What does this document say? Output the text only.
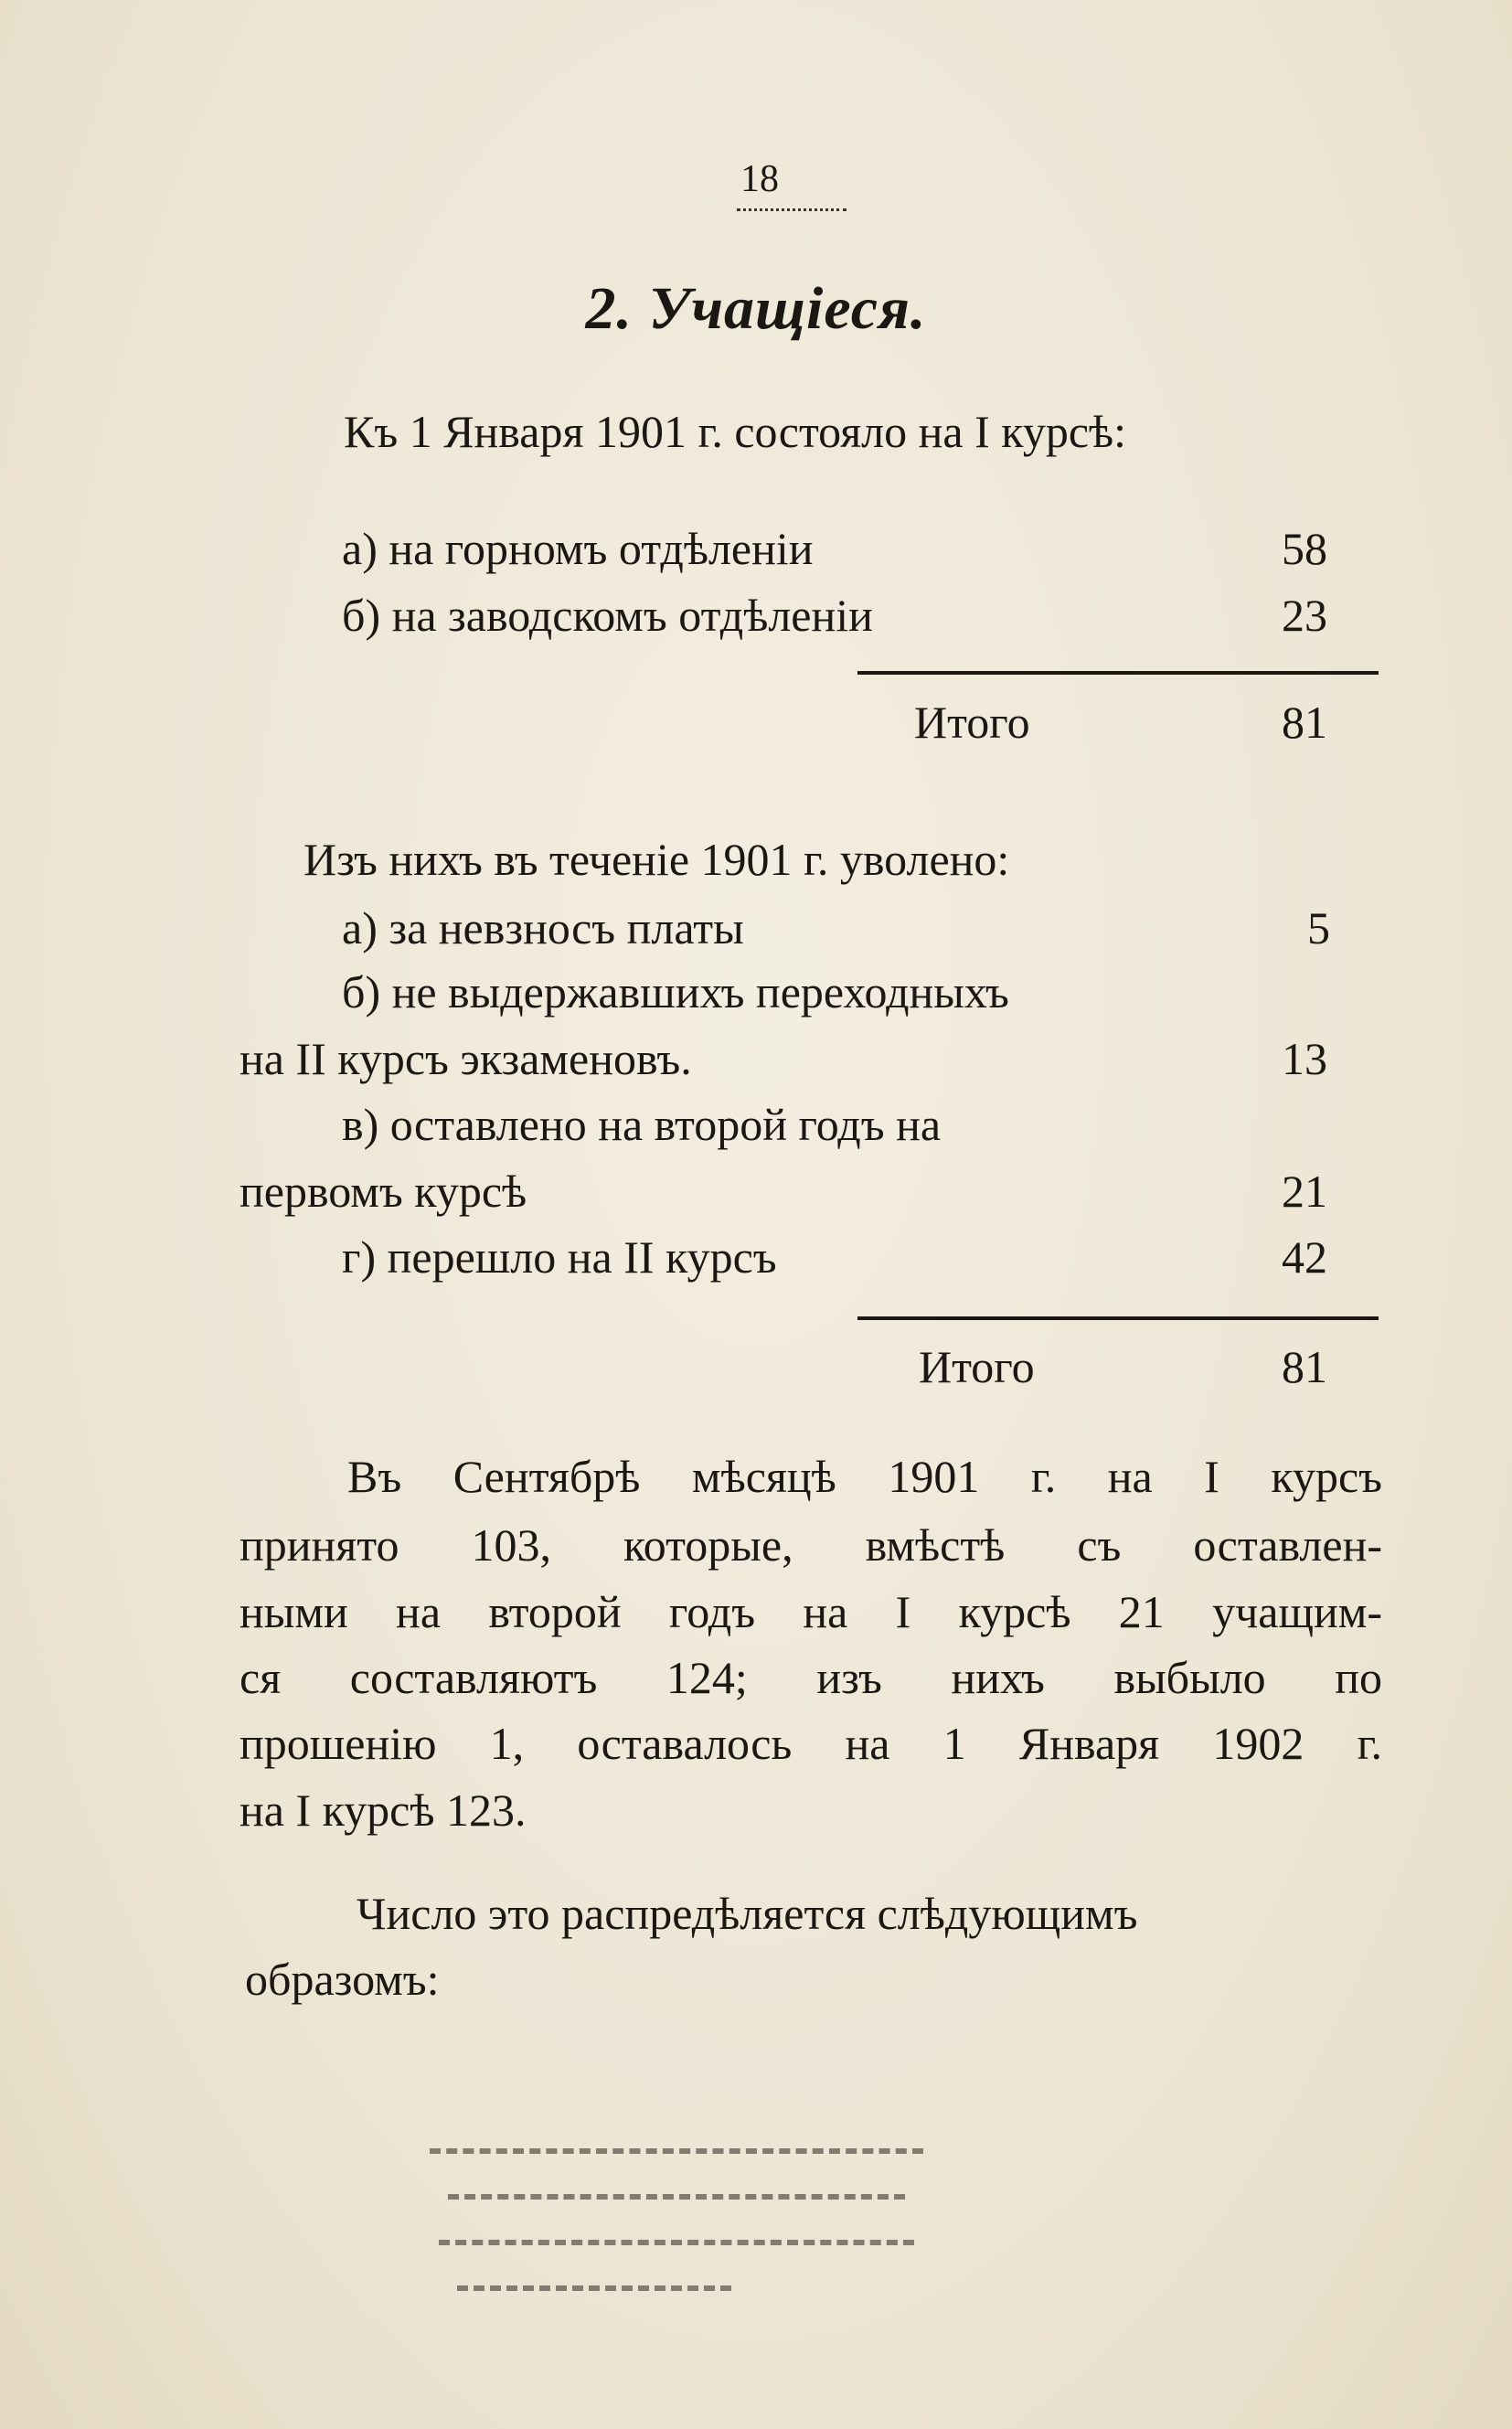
18
2. Учащіеся.
Къ 1 Января 1901 г. состояло на I курсѣ:
а) на горномъ отдѣленіи	58
б) на заводскомъ отдѣленіи	23
Итого	81
Изъ нихъ въ теченіе 1901 г. уволено:
а) за невзносъ платы	5
б) не выдержавшихъ переходныхъ
на II курсъ экзаменовъ.	13
в) оставлено на второй годъ на
первомъ курсѣ	21
г) перешло на II курсъ	42
Итого	81
Въ Сентябрѣ мѣсяцѣ 1901 г. на I курсъ
принято 103, которые, вмѣстѣ съ оставлен-
ными на второй годъ на I курсѣ 21 учащим-
ся составляютъ 124; изъ нихъ выбыло по
прошенію 1, оставалось на 1 Января 1902 г.
на I курсѣ 123.
Число это распредѣляется слѣдующимъ
образомъ:
